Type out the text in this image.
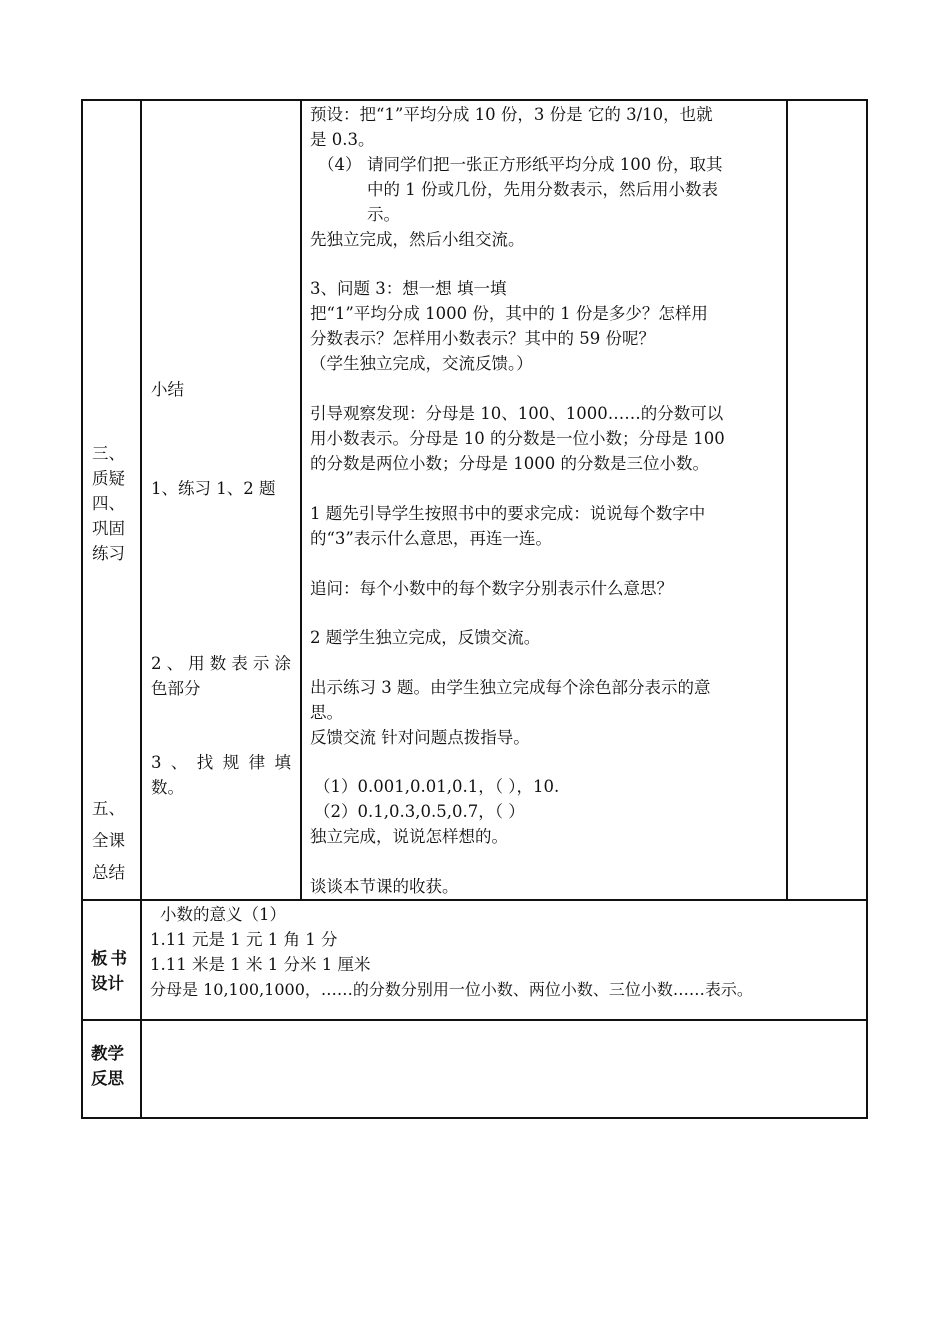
三、
质疑
四、
巩固
练习
五、
全课
总结
小结
1、练习 1、2 题
2、用数表示涂
色部分
3、找规律填
数。
预设：把“1”平均分成 10 份，3 份是 它的 3/10，也就
是 0.3。
（4） 请同学们把一张正方形纸平均分成 100 份，取其
中的 1 份或几份，先用分数表示，然后用小数表
示。
先独立完成，然后小组交流。
3、问题 3：想一想 填一填
把“1”平均分成 1000 份，其中的 1 份是多少？怎样用
分数表示？怎样用小数表示？其中的 59 份呢？
（学生独立完成，交流反馈。）
引导观察发现：分母是 10、100、1000……的分数可以
用小数表示。分母是 10 的分数是一位小数；分母是 100
的分数是两位小数；分母是 1000 的分数是三位小数。
1 题先引导学生按照书中的要求完成：说说每个数字中
的“3”表示什么意思，再连一连。
追问：每个小数中的每个数字分别表示什么意思？
2 题学生独立完成，反馈交流。
出示练习 3 题。由学生独立完成每个涂色部分表示的意
思。
反馈交流 针对问题点拨指导。
（1）0.001,0.01,0.1，（ ），10.
（2）0.1,0.3,0.5,0.7，（ ）
独立完成，说说怎样想的。
谈谈本节课的收获。
板书
设计
小数的意义（1）
1.11 元是 1 元 1 角 1 分
1.11 米是 1 米 1 分米 1 厘米
分母是 10,100,1000，……的分数分别用一位小数、两位小数、三位小数……表示。
教学
反思
